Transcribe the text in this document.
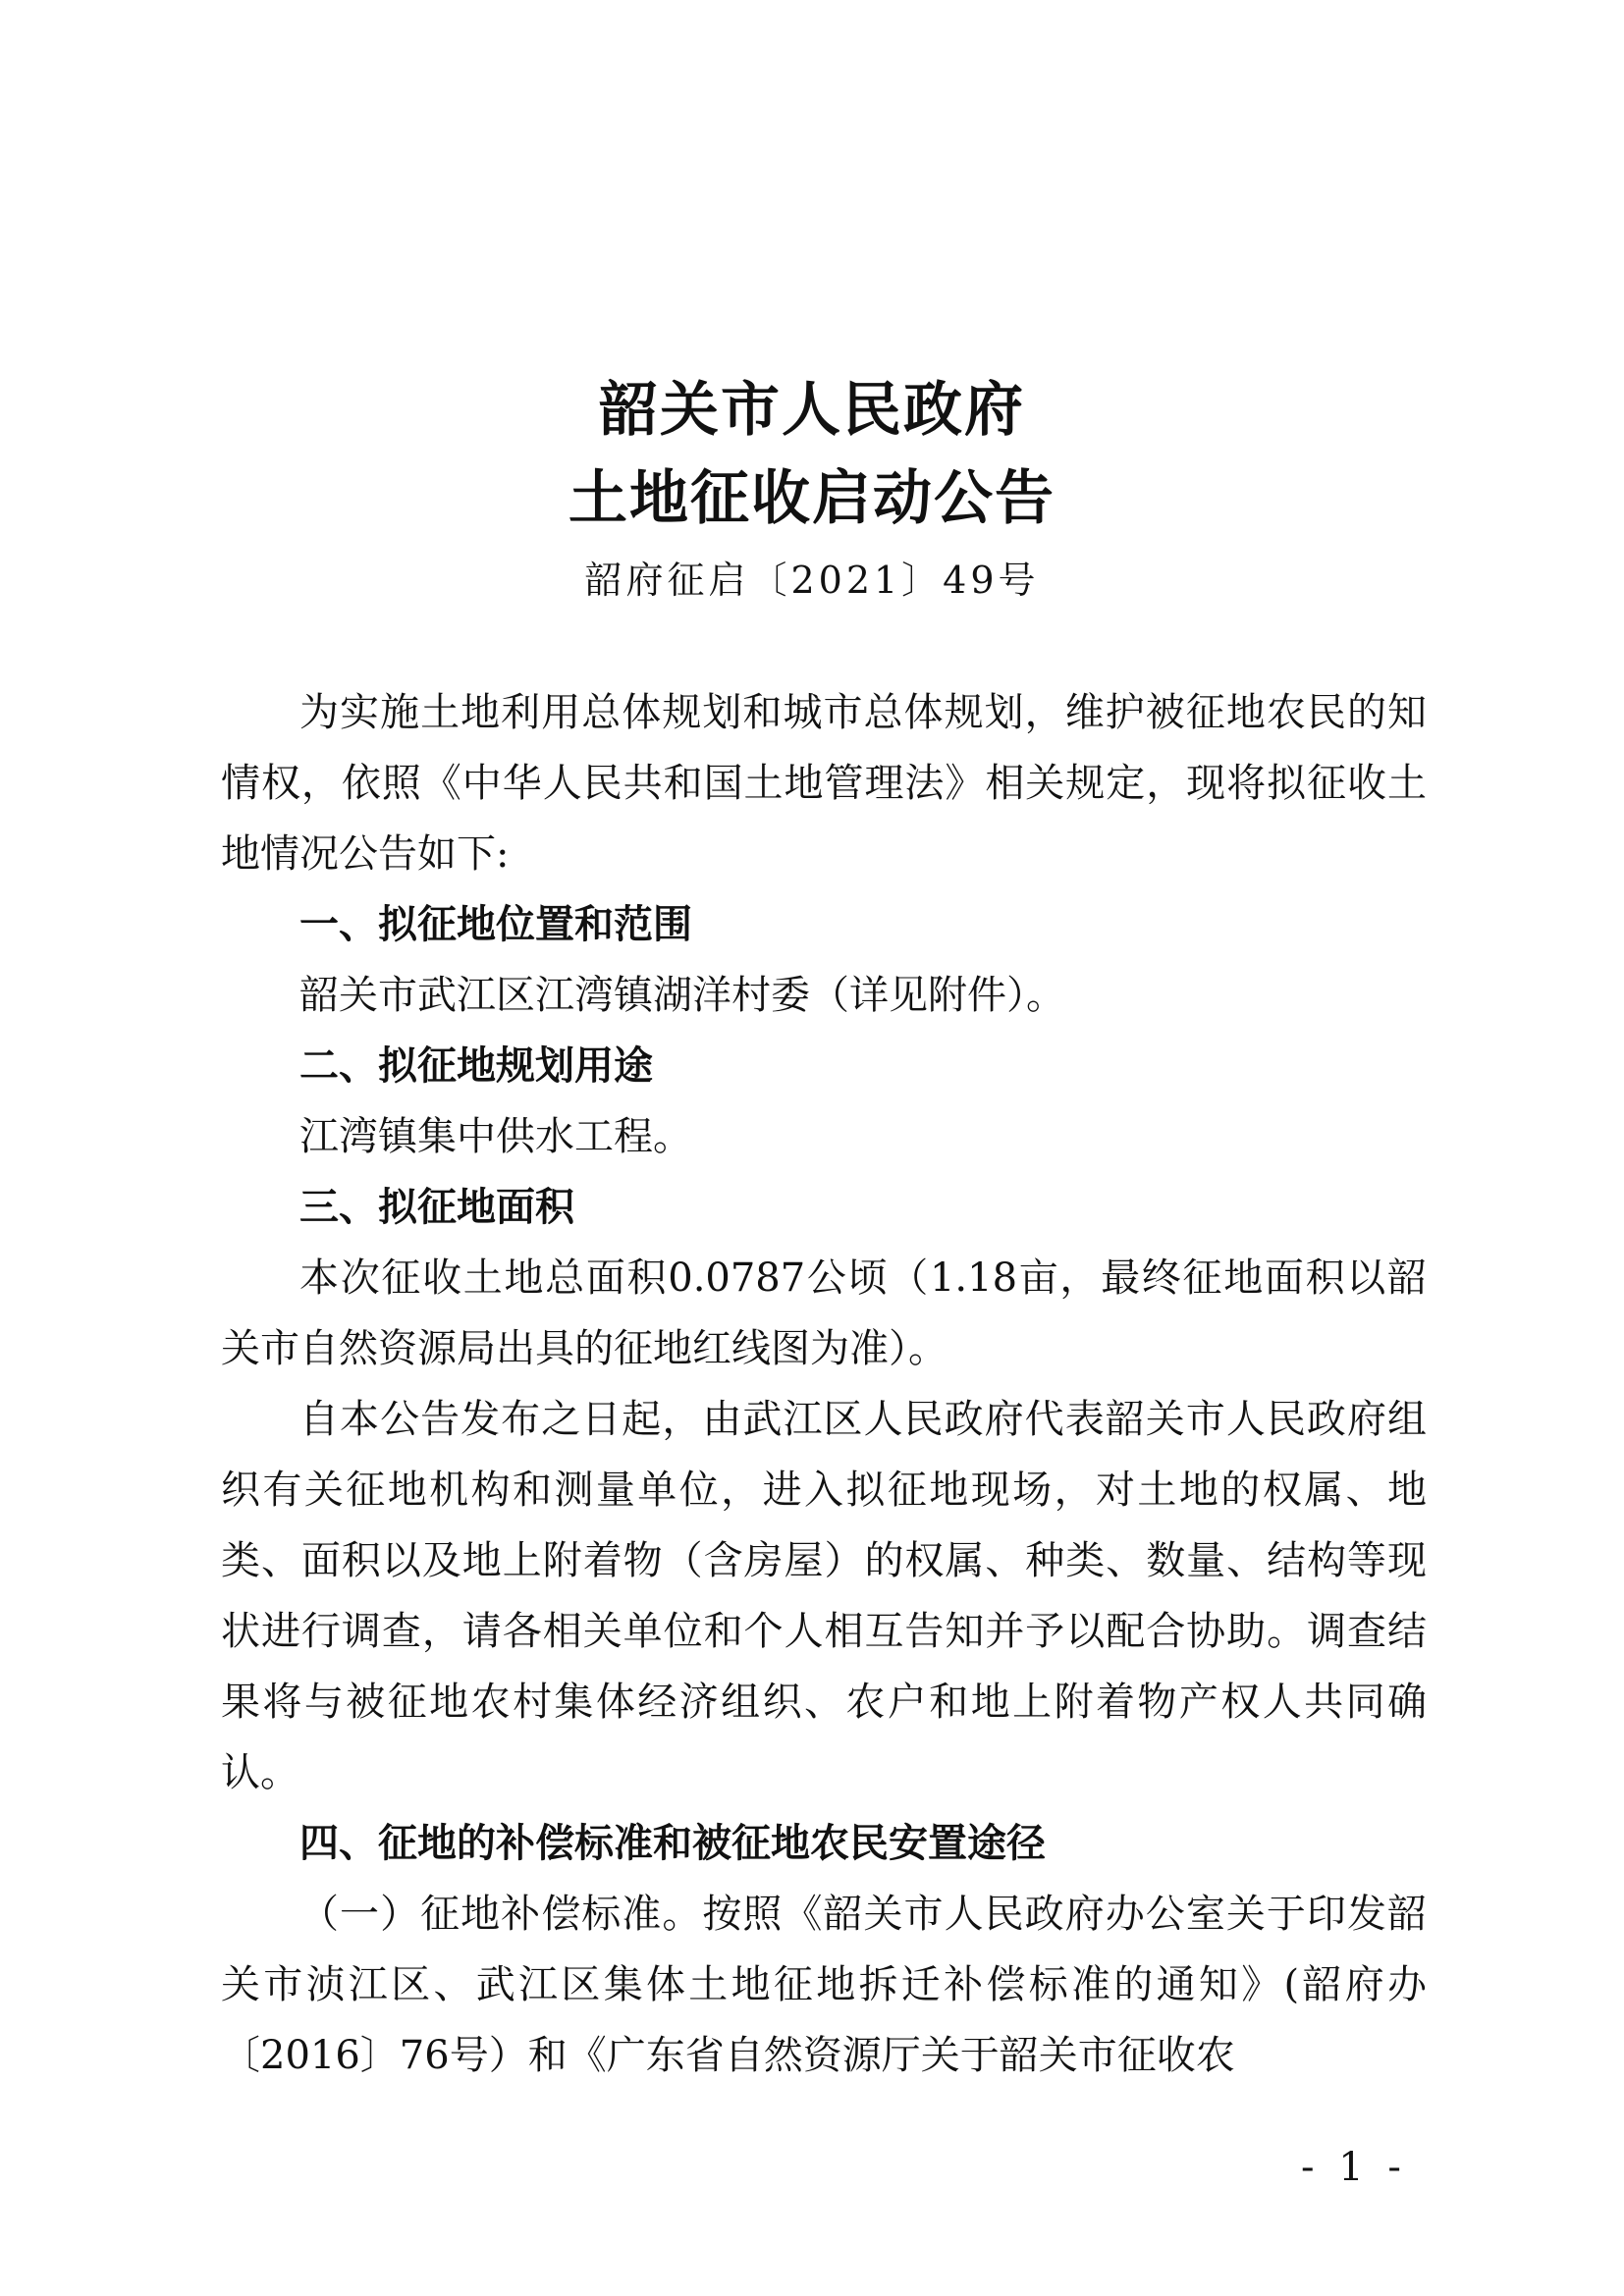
韶关市人民政府
土地征收启动公告
韶府征启〔2021〕49号

为实施土地利用总体规划和城市总体规划，维护被征地农民的知情权，依照《中华人民共和国土地管理法》相关规定，现将拟征收土地情况公告如下:

一、拟征地位置和范围

韶关市武江区江湾镇湖洋村委（详见附件）。

二、拟征地规划用途

江湾镇集中供水工程。

三、拟征地面积

本次征收土地总面积0.0787公顷（1.18亩，最终征地面积以韶关市自然资源局出具的征地红线图为准）。

自本公告发布之日起，由武江区人民政府代表韶关市人民政府组织有关征地机构和测量单位，进入拟征地现场，对土地的权属、地类、面积以及地上附着物（含房屋）的权属、种类、数量、结构等现状进行调查，请各相关单位和个人相互告知并予以配合协助。调查结果将与被征地农村集体经济组织、农户和地上附着物产权人共同确认。

四、征地的补偿标准和被征地农民安置途径

（一）征地补偿标准。按照《韶关市人民政府办公室关于印发韶关市浈江区、武江区集体土地征地拆迁补偿标准的通知》(韶府办〔2016〕76号）和《广东省自然资源厅关于韶关市征收农

- 1 -
